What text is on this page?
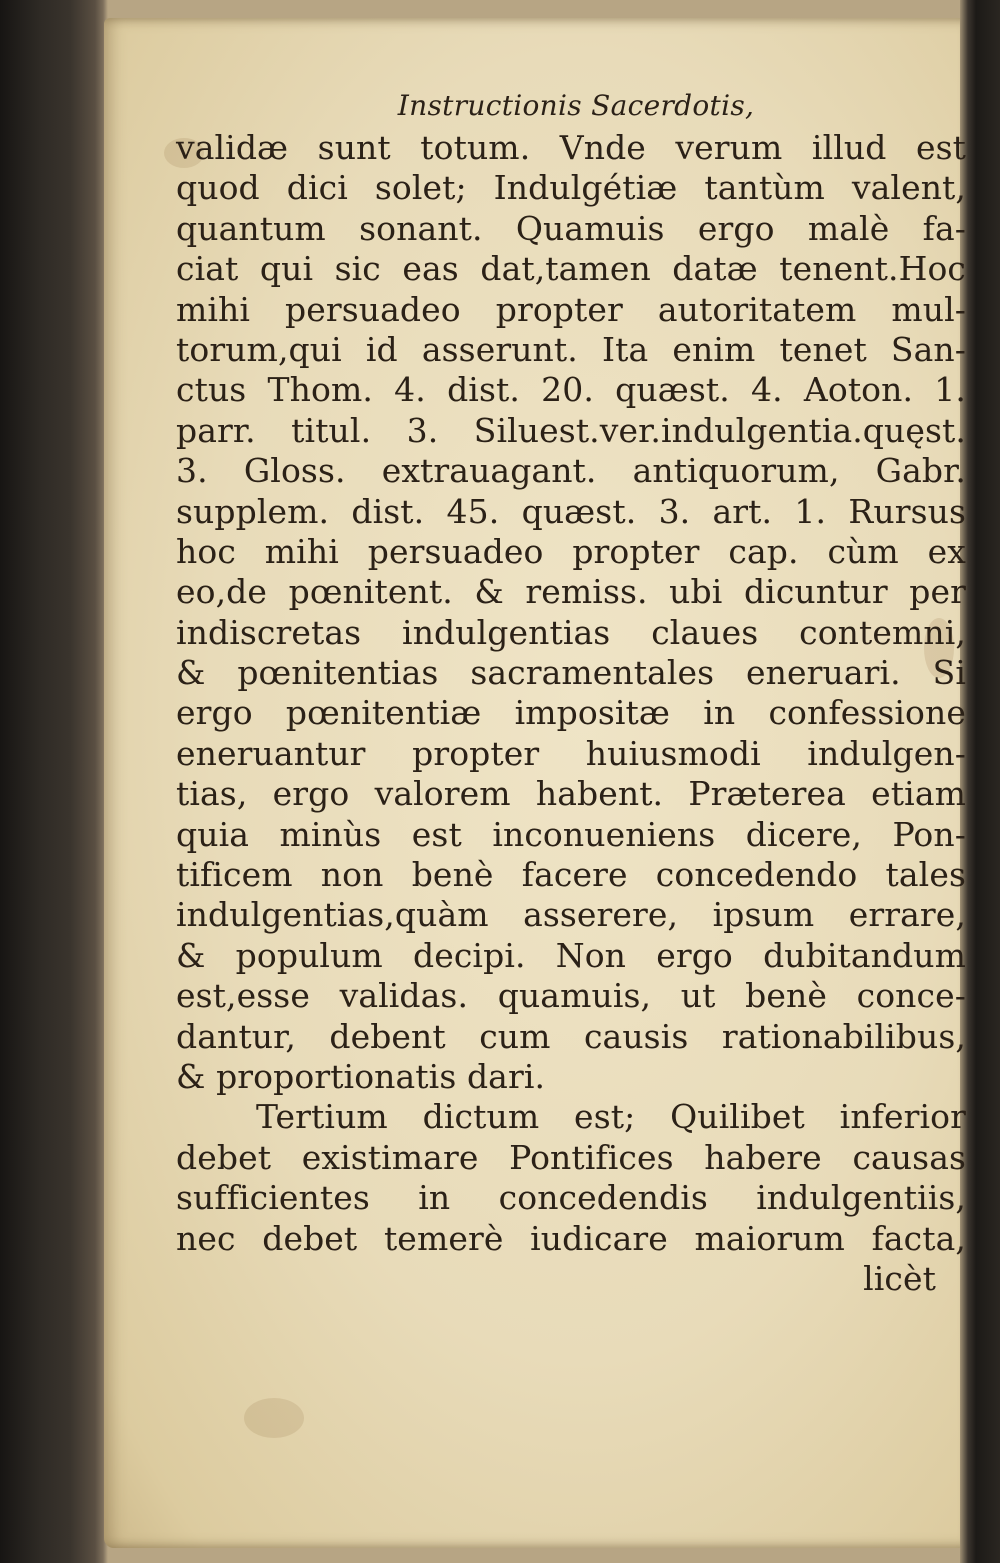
Instructionis Sacerdotis,
validæ sunt totum. Vnde verum illud est
quod dici solet; Indulgétiæ tantùm valent,
quantum sonant. Quamuis ergo malè fa-
ciat qui sic eas dat,tamen datæ tenent.Hoc
mihi persuadeo propter autoritatem mul-
torum,qui id asserunt. Ita enim tenet San-
ctus Thom. 4. dist. 20. quæst. 4. Aoton. 1.
parr. titul. 3. Siluest.ver.indulgentia.quęst.
3. Gloss. extrauagant. antiquorum, Gabr.
supplem. dist. 45. quæst. 3. art. 1. Rursus
hoc mihi persuadeo propter cap. cùm ex
eo,de pœnitent. & remiss. ubi dicuntur per
indiscretas indulgentias claues contemni,
& pœnitentias sacramentales eneruari. Si
ergo pœnitentiæ impositæ in confessione
eneruantur propter huiusmodi indulgen-
tias, ergo valorem habent. Præterea etiam
quia minùs est inconueniens dicere, Pon-
tificem non benè facere concedendo tales
indulgentias,quàm asserere, ipsum errare,
& populum decipi. Non ergo dubitandum
est,esse validas. quamuis, ut benè conce-
dantur, debent cum causis rationabilibus,
& proportionatis dari.
Tertium dictum est; Quilibet inferior
debet existimare Pontifices habere causas
sufficientes in concedendis indulgentiis,
nec debet temerè iudicare maiorum facta,
licèt
